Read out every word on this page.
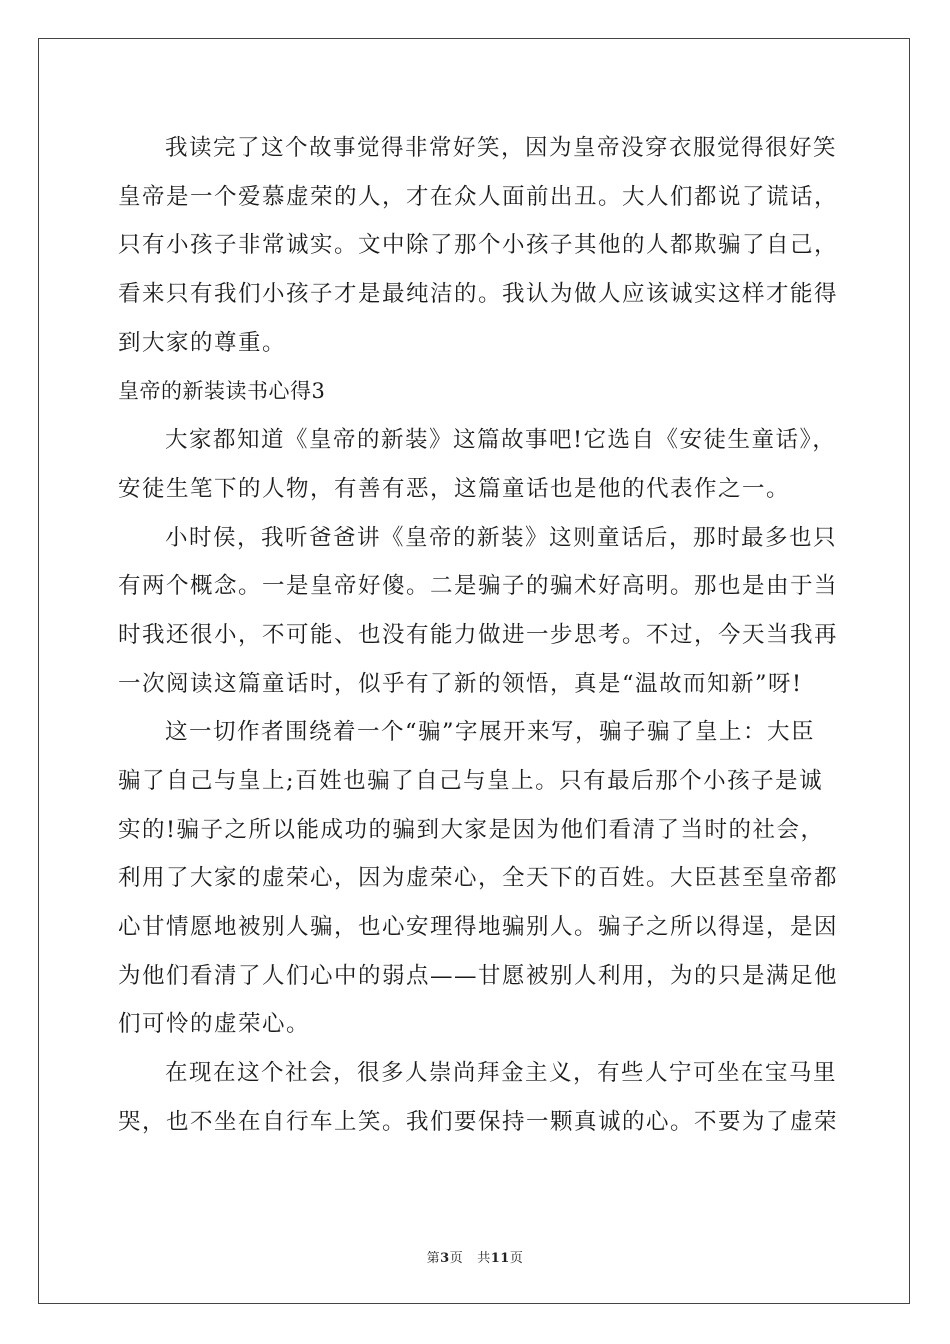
我读完了这个故事觉得非常好笑，因为皇帝没穿衣服觉得很好笑
皇帝是一个爱慕虚荣的人，才在众人面前出丑。大人们都说了谎话，
只有小孩子非常诚实。文中除了那个小孩子其他的人都欺骗了自己，
看来只有我们小孩子才是最纯洁的。我认为做人应该诚实这样才能得
到大家的尊重。
皇帝的新装读书心得3
大家都知道《皇帝的新装》这篇故事吧!它选自《安徒生童话》，
安徒生笔下的人物，有善有恶，这篇童话也是他的代表作之一。
小时侯，我听爸爸讲《皇帝的新装》这则童话后，那时最多也只
有两个概念。一是皇帝好傻。二是骗子的骗术好高明。那也是由于当
时我还很小，不可能、也没有能力做进一步思考。不过，今天当我再
一次阅读这篇童话时，似乎有了新的领悟，真是“温故而知新”呀!
这一切作者围绕着一个“骗”字展开来写，骗子骗了皇上：大臣
骗了自己与皇上;百姓也骗了自己与皇上。只有最后那个小孩子是诚
实的!骗子之所以能成功的骗到大家是因为他们看清了当时的社会，
利用了大家的虚荣心，因为虚荣心，全天下的百姓。大臣甚至皇帝都
心甘情愿地被别人骗，也心安理得地骗别人。骗子之所以得逞，是因
为他们看清了人们心中的弱点——甘愿被别人利用，为的只是满足他
们可怜的虚荣心。
在现在这个社会，很多人崇尚拜金主义，有些人宁可坐在宝马里
哭，也不坐在自行车上笑。我们要保持一颗真诚的心。不要为了虚荣
第3页 共11页
